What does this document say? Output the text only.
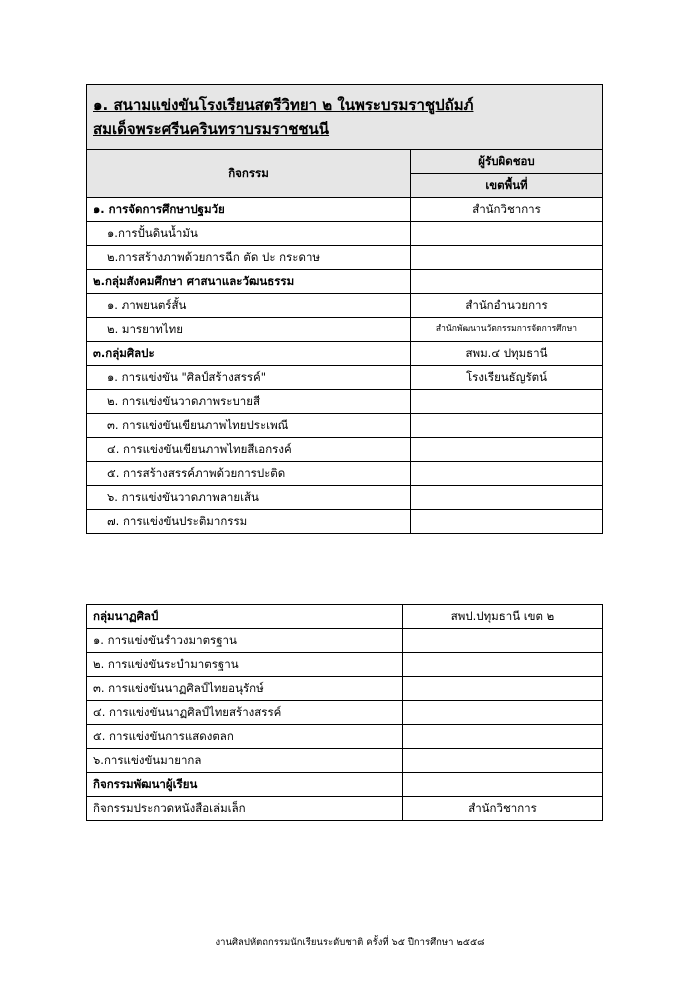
๑. สนามแข่งขันโรงเรียนสตรีวิทยา ๒ ในพระบรมราชูปถัมภ์
สมเด็จพระศรีนครินทราบรมราชชนนี	

กิจกรรม	ผู้รับผิดชอบ
	เขตพื้นที่
๑. การจัดการศึกษาปฐมวัย	สำนักวิชาการ
๑.การปั้นดินน้ำมัน	
๒.การสร้างภาพด้วยการฉีก ตัด ปะ กระดาษ	
๒.กลุ่มสังคมศึกษา ศาสนาและวัฒนธรรม	
๑. ภาพยนตร์สั้น	สำนักอำนวยการ
๒. มารยาทไทย	สำนักพัฒนานวัตกรรมการจัดการศึกษา
๓.กลุ่มศิลปะ	สพม.๔ ปทุมธานี
๑. การแข่งขัน "ศิลป์สร้างสรรค์"	โรงเรียนธัญรัตน์
๒. การแข่งขันวาดภาพระบายสี	
๓. การแข่งขันเขียนภาพไทยประเพณี	
๔. การแข่งขันเขียนภาพไทยสีเอกรงค์	
๕. การสร้างสรรค์ภาพด้วยการปะติด	
๖. การแข่งขันวาดภาพลายเส้น	
๗. การแข่งขันประติมากรรม	
กลุ่มนาฏศิลป์	สพป.ปทุมธานี เขต ๒
๑. การแข่งขันรำวงมาตรฐาน	
๒. การแข่งขันระบำมาตรฐาน	
๓. การแข่งขันนาฏศิลป์ไทยอนุรักษ์	
๔. การแข่งขันนาฏศิลป์ไทยสร้างสรรค์	
๕. การแข่งขันการแสดงตลก	
๖.การแข่งขันมายากล	
กิจกรรมพัฒนาผู้เรียน	
กิจกรรมประกวดหนังสือเล่มเล็ก	สำนักวิชาการ
งานศิลปหัตถกรรมนักเรียนระดับชาติ ครั้งที่ ๖๕ ปีการศึกษา ๒๕๕๘
